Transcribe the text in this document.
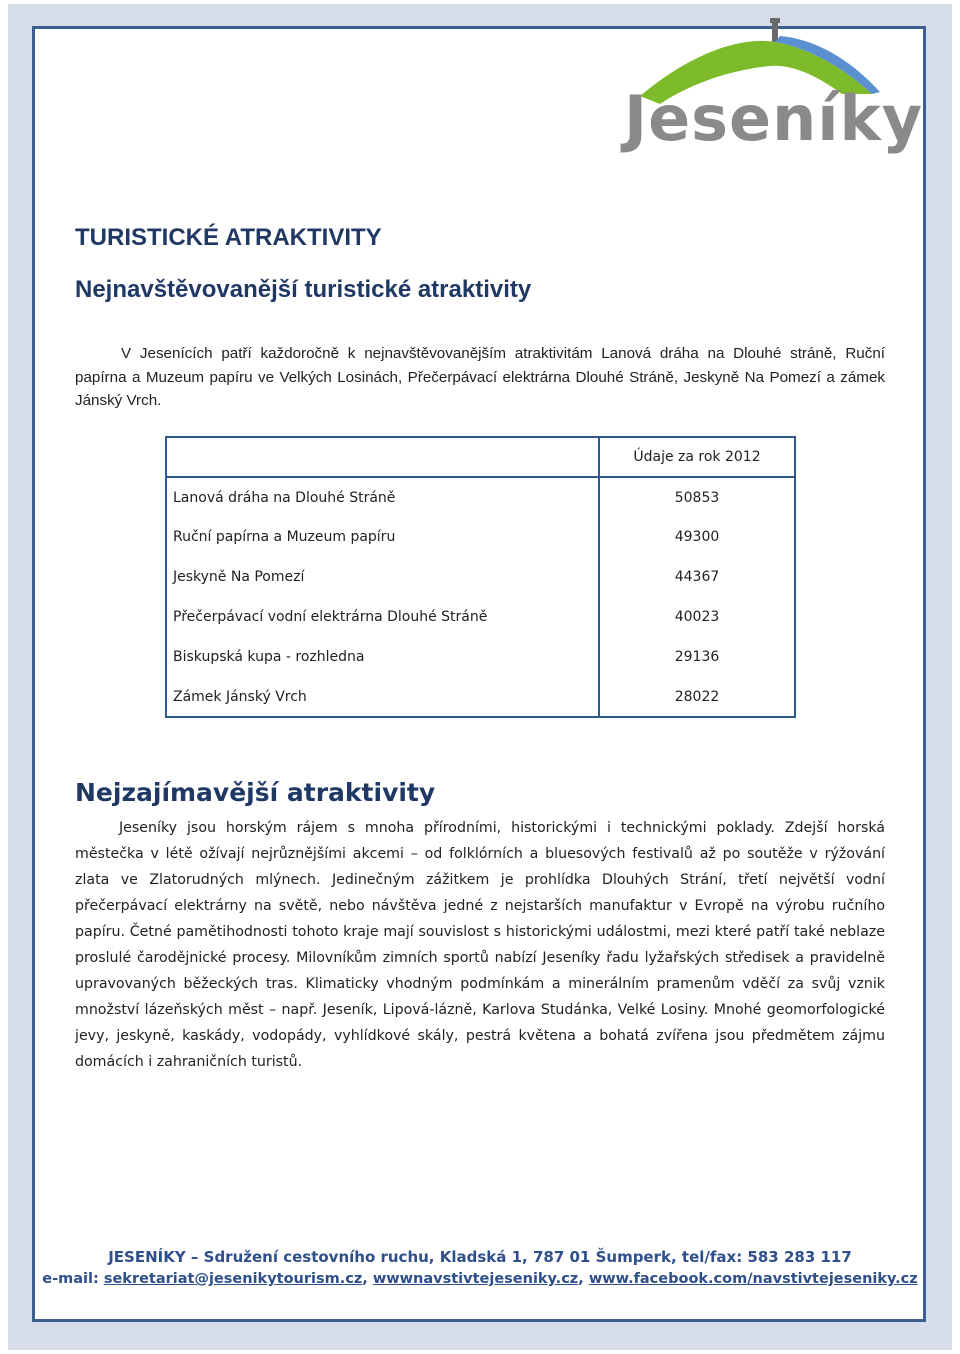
Jeseníky
TURISTICKÉ ATRAKTIVITY
Nejnavštěvovanější turistické atraktivity
V Jesenících patří každoročně k nejnavštěvovanějším atraktivitám Lanová dráha na Dlouhé stráně, Ruční papírna a Muzeum papíru ve Velkých Losinách, Přečerpávací elektrárna Dlouhé Stráně, Jeskyně Na Pomezí a zámek Jánský Vrch.
	Údaje za rok 2012
Lanová dráha na Dlouhé Stráně	50853
Ruční papírna a Muzeum papíru	49300
Jeskyně Na Pomezí	44367
Přečerpávací vodní elektrárna Dlouhé Stráně	40023
Biskupská kupa - rozhledna	29136
Zámek Jánský Vrch	28022
Nejzajímavější atraktivity
Jeseníky jsou horským rájem s mnoha přírodními, historickými i technickými poklady. Zdejší horská městečka v létě ožívají nejrůznějšími akcemi – od folklórních a bluesových festivalů až po soutěže v rýžování zlata ve Zlatorudných mlýnech. Jedinečným zážitkem je prohlídka Dlouhých Strání, třetí největší vodní přečerpávací elektrárny na světě, nebo návštěva jedné z nejstarších manufaktur v Evropě na výrobu ručního papíru. Četné pamětihodnosti tohoto kraje mají souvislost s historickými událostmi, mezi které patří také neblaze proslulé čarodějnické procesy. Milovníkům zimních sportů nabízí Jeseníky řadu lyžařských středisek a pravidelně upravovaných běžeckých tras. Klimaticky vhodným podmínkám a minerálním pramenům vděčí za svůj vznik množství lázeňských měst – např. Jeseník, Lipová-lázně, Karlova Studánka, Velké Losiny. Mnohé geomorfologické jevy, jeskyně, kaskády, vodopády, vyhlídkové skály, pestrá květena a bohatá zvířena jsou předmětem zájmu domácích i zahraničních turistů.
JESENÍKY – Sdružení cestovního ruchu, Kladská 1, 787 01 Šumperk, tel/fax: 583 283 117
e-mail: sekretariat@jesenikytourism.cz, wwwnavstivtejeseniky.cz, www.facebook.com/navstivtejeseniky.cz
